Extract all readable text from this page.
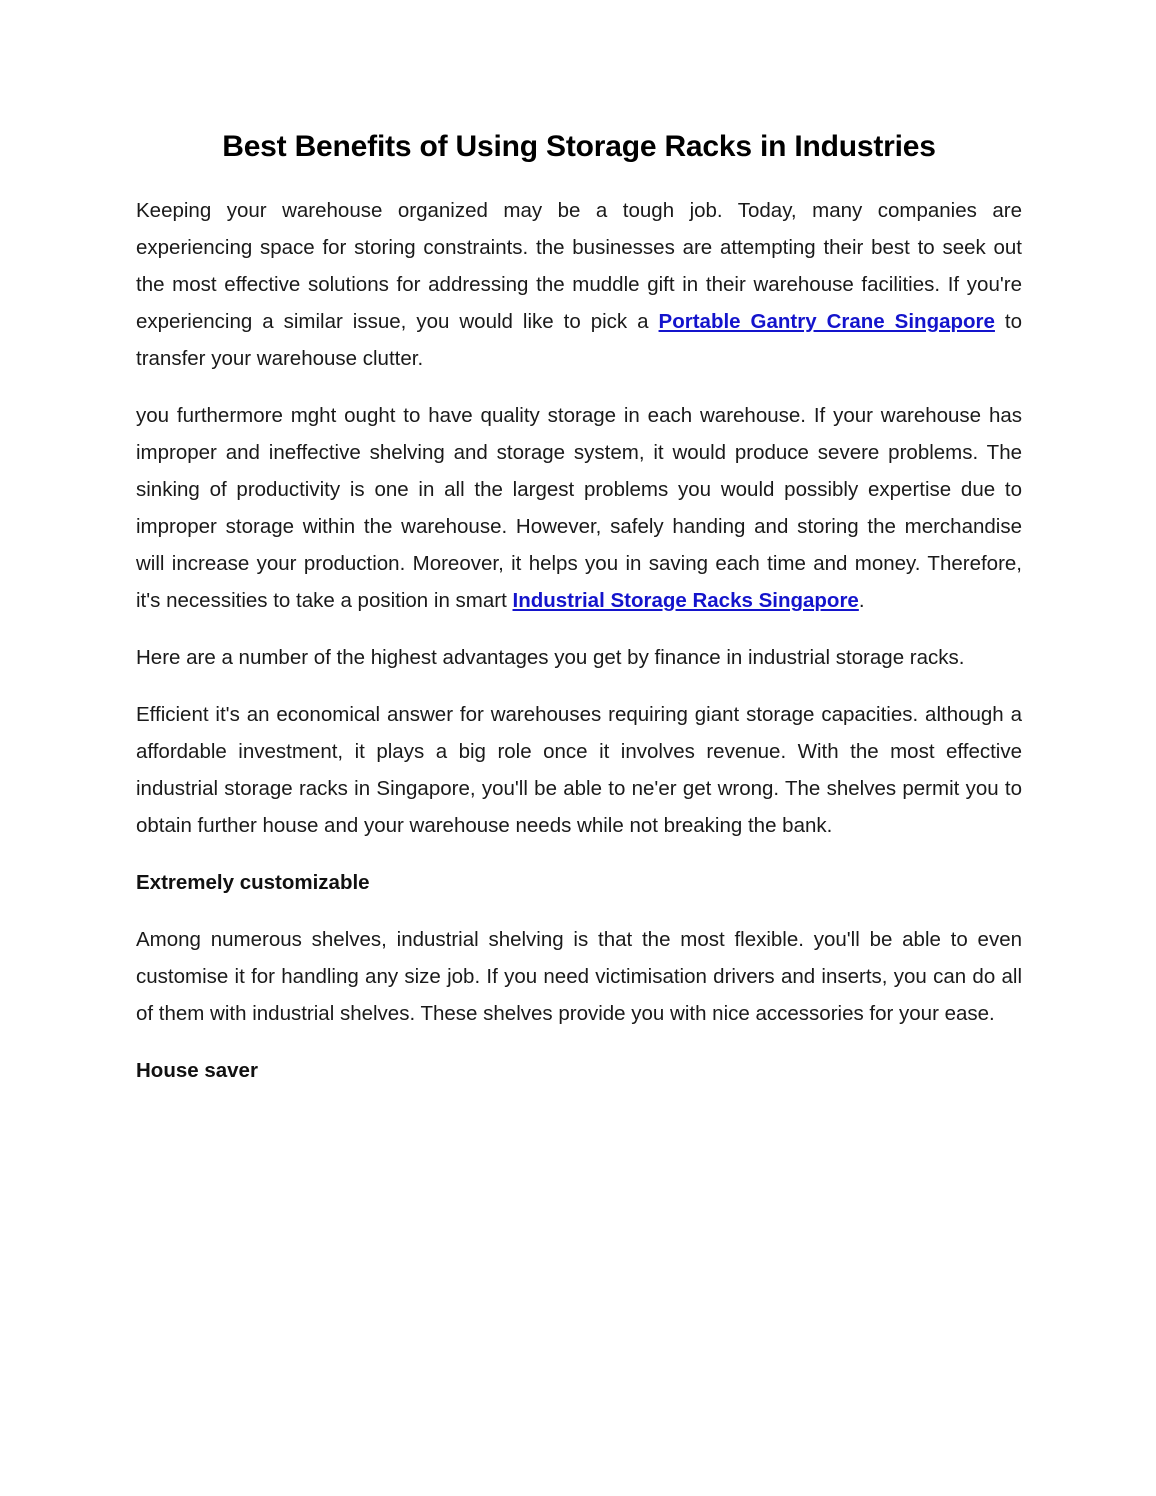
Best Benefits of Using Storage Racks in Industries

Keeping your warehouse organized may be a tough job. Today, many companies are experiencing space for storing constraints. the businesses are attempting their best to seek out the most effective solutions for addressing the muddle gift in their warehouse facilities. If you're experiencing a similar issue, you would like to pick a Portable Gantry Crane Singapore to transfer your warehouse clutter.

you furthermore mght ought to have quality storage in each warehouse. If your warehouse has improper and ineffective shelving and storage system, it would produce severe problems. The sinking of productivity is one in all the largest problems you would possibly expertise due to improper storage within the warehouse. However, safely handing and storing the merchandise will increase your production. Moreover, it helps you in saving each time and money. Therefore, it's necessities to take a position in smart Industrial Storage Racks Singapore.

Here are a number of the highest advantages you get by finance in industrial storage racks.

Efficient it's an economical answer for warehouses requiring giant storage capacities. although a affordable investment, it plays a big role once it involves revenue. With the most effective industrial storage racks in Singapore, you'll be able to ne'er get wrong. The shelves permit you to obtain further house and your warehouse needs while not breaking the bank.

Extremely customizable

Among numerous shelves, industrial shelving is that the most flexible. you'll be able to even customise it for handling any size job. If you need victimisation drivers and inserts, you can do all of them with industrial shelves. These shelves provide you with nice accessories for your ease.

House saver
